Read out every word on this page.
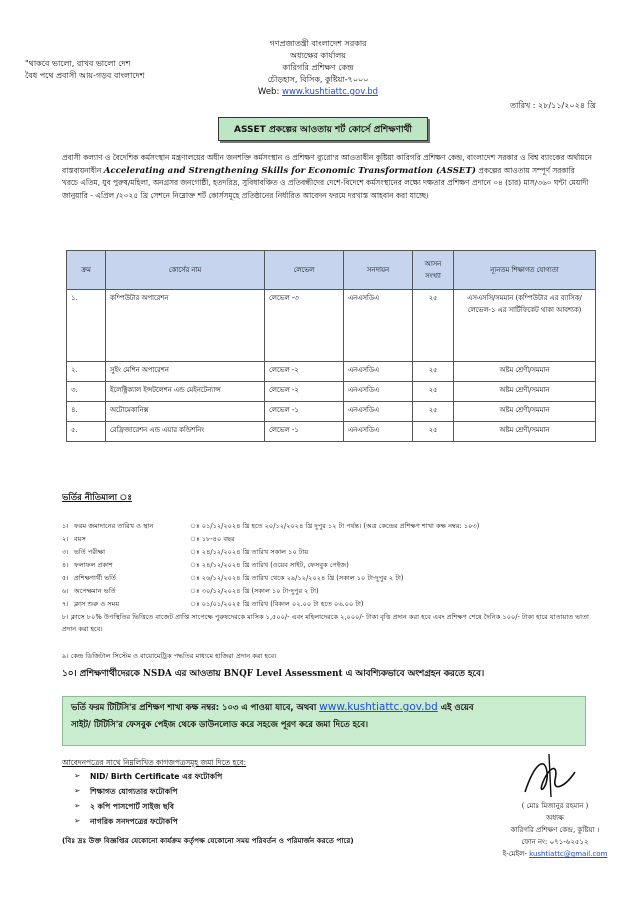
"থাকবে ভালো, রাখব ভালো দেশ
বৈধ পথে প্রবাসী আয়-গড়ব বাংলাদেশ
গণপ্রজাতন্ত্রী বাংলাদেশ সরকার
অধ্যক্ষের কার্যালয়
কারিগরি প্রশিক্ষণ কেন্দ্র
চৌড়হাস, বিসিক, কুষ্টিয়া-৭০০০
Web: www.kushtiattc.gov.bd
তারিখ : ২৮/১১/২০২৪ খ্রি
ASSET প্রকল্পের আওতায় শর্ট কোর্সে প্রশিক্ষণার্থী
প্রবাসী কল্যাণ ও বৈদেশিক কর্মসংস্থান মন্ত্রণালয়ের অধীন জনশক্তি কর্মসংস্থান ও প্রশিক্ষণ ব্যুরো'র আওতাধীন কুষ্টিয়া কারিগরি প্রশিক্ষণ কেন্দ্র, বাংলাদেশ সরকার ও বিশ্ব ব্যাংকের অর্থায়নে বাস্তবায়নাধীন Accelerating and Strengthening Skills for Economic Transformation (ASSET) প্রকল্পের আওতায় সম্পূর্ণ সরকারি খরচে এতিম, যুব পুরুষ/মহিলা, অনগ্রসর জনগোষ্ঠী, হতদরিদ্র, সুবিধাবঞ্চিত ও প্রতিবন্ধীদের দেশে-বিদেশে কর্মসংস্থানের লক্ষ্যে দক্ষতার প্রশিক্ষণ প্রদানে ০৪ (চার) মাস/৩৬০ ঘন্টা মেয়াদী জানুয়ারি - এপ্রিল /২০২৫ খ্রি সেশনে নিম্নোক্ত শর্ট কোর্সসমূহে প্রতিষ্ঠানের নির্ধারিত আবেদন ফরমে দরখাস্ত আহবান করা যাচ্ছে।
ক্রম	কোর্সের নাম	লেভেল	সনদায়ন	আসন সংখ্যা	ন্যূনতম শিক্ষাগত যোগ্যতা
১.	কম্পিউটার অপারেশন	লেভেল -৩	এনএসডিএ	২৫	এসএসসি/সমমান (কম্পিউটার এর ব্যাসিক/লেভেল-১ এর সার্টিফিকেট থাকা আবশ্যক)
২.	সুইং মেশিন অপারেশন	লেভেল -২	এনএসডিএ	২৫	অষ্টম শ্রেণী/সমমান
৩.	ইলেক্ট্রিক্যাল ইন্সটলেশন এন্ড মেইনটেন্যান্স	লেভেল -২	এনএসডিএ	২৫	অষ্টম শ্রেণী/সমমান
৪.	অটোমেকানিক্স	লেভেল -১	এনএসডিএ	২৫	অষ্টম শ্রেণী/সমমান
৫.	রেফ্রিজারেশন এন্ড এয়ার কন্ডিশনিং	লেভেল -১	এনএসডিএ	২৫	অষ্টম শ্রেণী/সমমান
ভর্তির নীতিমালা ঃ
১। ফরম জমাদানের তারিখ ও স্থান	ঃ ০১/১২/২০২৪ খ্রি হতে ২০/১২/২০২৪ খ্রি দুপুর ১২ টা পর্যন্ত। (অত্র কেন্দ্রের প্রশিক্ষণ শাখা কক্ষ নম্বর: ১০৩)
২। বয়স	ঃ ১৮-৪০ বছর
৩। ভর্তি পরীক্ষা	ঃ ২৪/১২/২০২৪ খ্রি তারিখ সকাল ১০ টায়
৪। ফলাফল প্রকাশ	ঃ ২৪/১২/২০২৪ খ্রি তারিখ (ওয়েব সাইট, ফেসবুক পেইজ)
৫। প্রশিক্ষণার্থী ভর্তি	ঃ ২৬/১২/২০২৪ খ্রি তারিখ থেকে ২৯/১২/২০২৪ খ্রি (সকাল ১০ টা-দুপুর ২ টা)
৬। অপেক্ষমান ভর্তি	ঃ ৩০/১২/২০২৪ খ্রি (সকাল ১০ টা-দুপুর ২ টা)
৭। ক্লাস শুরু ও সময়	ঃ ০১/০১/২০২৫ খ্রি তারিখ (বিকাল ০২.০০ টা হতে ০৬.০০ টা)
৮। ক্লাসে ৮০% উপস্থিতির ভিত্তিতে বাজেট প্রাপ্তি সাপেক্ষে পুরুষদেরকে মাসিক ১,৫০০/- এবং মহিলাদেরকে ২,০০০/- টাকা বৃত্তি প্রদান করা হবে এবং প্রশিক্ষণ শেষে দৈনিক ১০০/- টাকা হারে যাতায়াত ভাতা প্রদান করা হবে।
৯। কেন্দ্র ডিজিটাল সিস্টেম ও বায়োমেট্রিক পদ্ধতির মাধ্যমে হাজিরা প্রদান করা হবে।
১০। প্রশিক্ষণার্থীদেরকে NSDA এর আওতায় BNQF Level Assessment এ আবশ্যিকভাবে অংশগ্রহন করতে হবে।
ভর্তি ফরম টিটিসি'র প্রশিক্ষণ শাখা কক্ষ নম্বর: ১০৩ এ পাওয়া যাবে, অথবা www.kushtiattc.gov.bd এই ওয়েব
সাইট/ টিটিসি'র ফেসবুক পেইজ থেকে ডাউনলোড করে সহজে পূরণ করে জমা দিতে হবে।
আবেদনপত্রের সাথে নিম্নলিখিত কাগজপত্রসমূহ জমা দিতে হবে:
➢ NID/ Birth Certificate এর ফটোকপি
➢ শিক্ষাগত যোগ্যতার ফটোকপি
➢ ২ কপি পাসপোর্ট সাইজ ছবি
➢ নাগরিক সনদপত্রের ফটোকপি
(বিঃ দ্রঃ উক্ত বিজ্ঞপ্তির যেকোনো কার্যক্রম কর্তৃপক্ষ যেকোনো সময় পরিবর্তন ও পরিমার্জন করতে পারে)
( মোঃ মিজানুর রহমান )
অধ্যক্ষ
কারিগরি প্রশিক্ষণ কেন্দ্র, কুষ্টিয়া ।
ফোন নং: ০৭১-৬২৫১২
ই-মেইল- kushtiattc@gmail.com
